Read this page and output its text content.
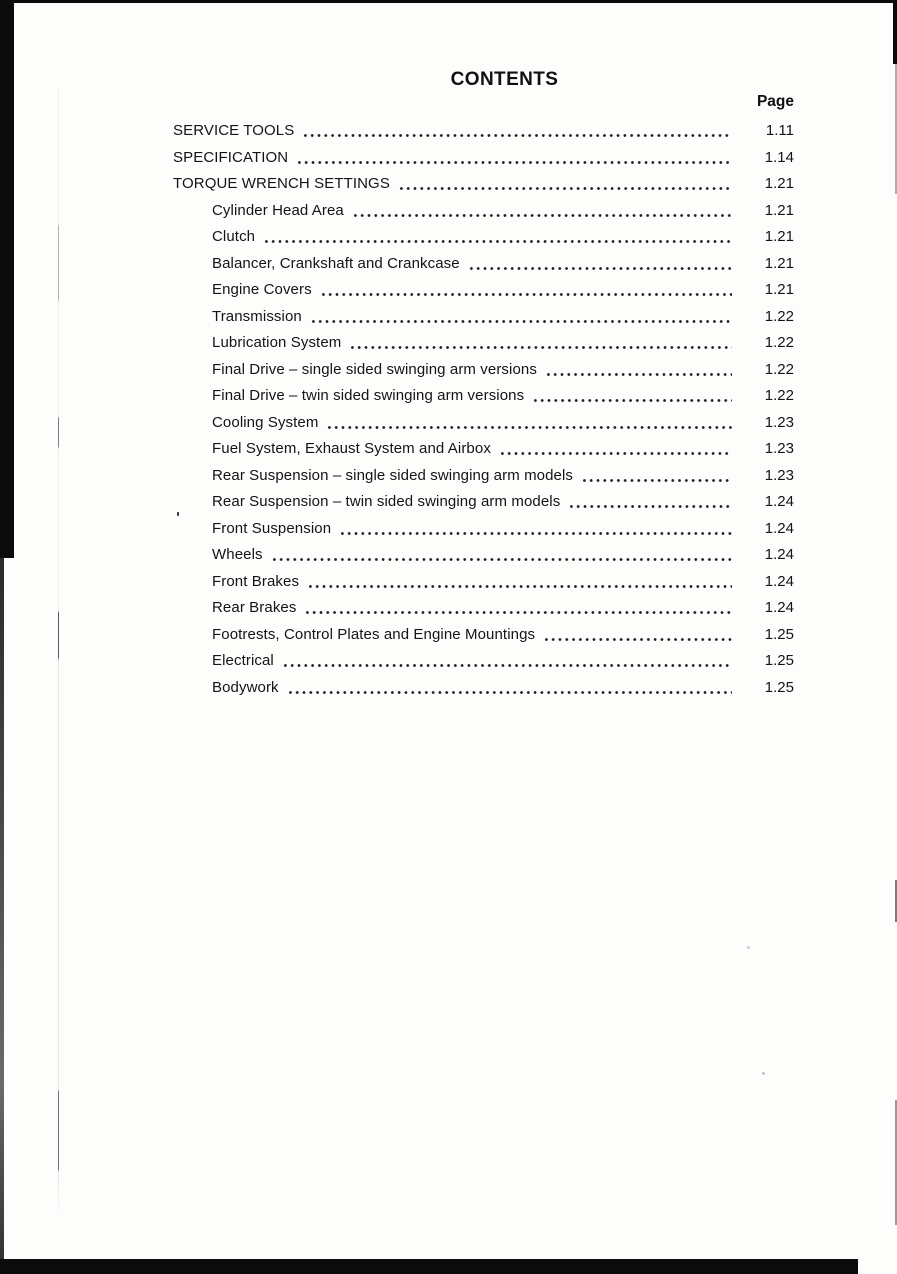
CONTENTS
Page
SERVICE TOOLS	1.11
SPECIFICATION	1.14
TORQUE WRENCH SETTINGS	1.21
Cylinder Head Area	1.21
Clutch	1.21
Balancer, Crankshaft and Crankcase	1.21
Engine Covers	1.21
Transmission	1.22
Lubrication System	1.22
Final Drive – single sided swinging arm versions	1.22
Final Drive – twin sided swinging arm versions	1.22
Cooling System	1.23
Fuel System, Exhaust System and Airbox	1.23
Rear Suspension – single sided swinging arm models	1.23
Rear Suspension – twin sided swinging arm models	1.24
Front Suspension	1.24
Wheels	1.24
Front Brakes	1.24
Rear Brakes	1.24
Footrests, Control Plates and Engine Mountings	1.25
Electrical	1.25
Bodywork	1.25
